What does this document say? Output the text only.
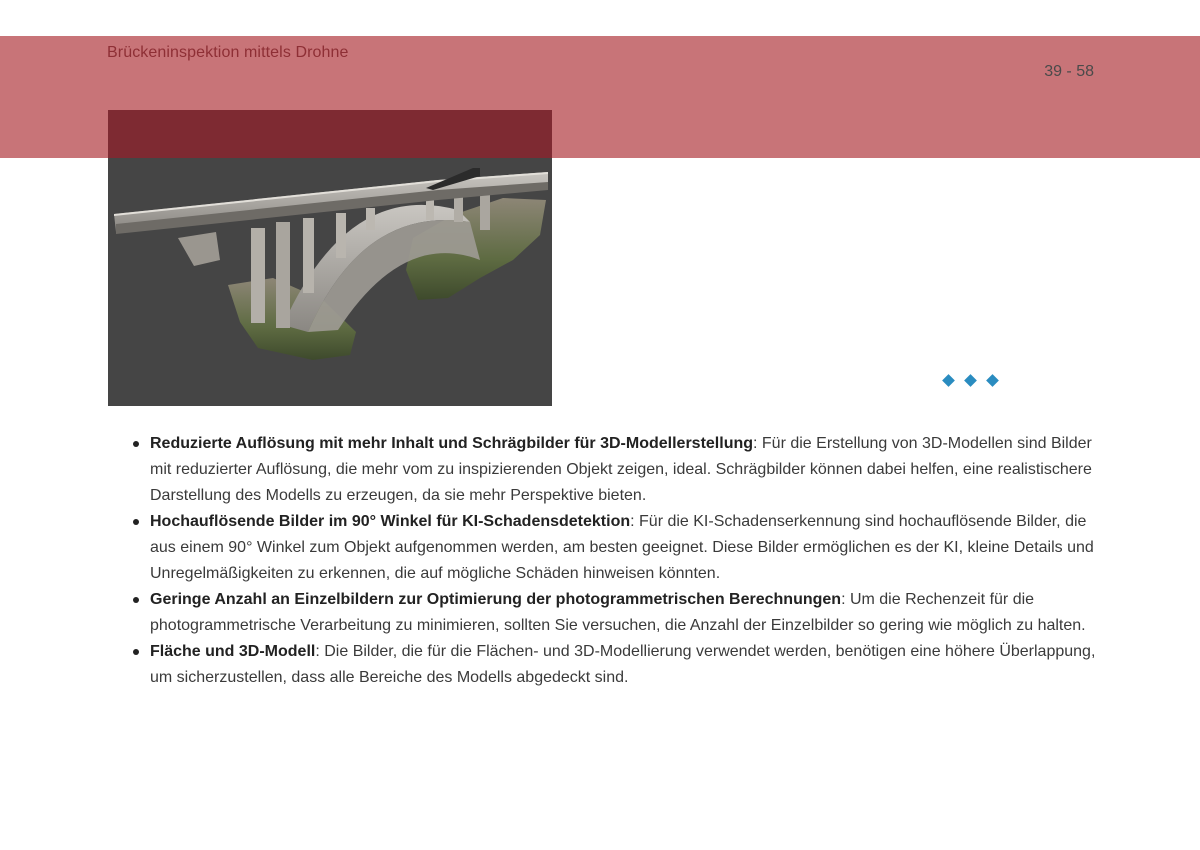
Brückeninspektion mittels Drohne
39 - 58
Reduzierte Auflösung mit mehr Inhalt und Schrägbilder für 3D-Modellerstellung: Für die Erstellung von 3D-Modellen sind Bilder mit reduzierter Auflösung, die mehr vom zu inspizierenden Objekt zeigen, ideal. Schrägbilder können dabei helfen, eine realistischere Darstellung des Modells zu erzeugen, da sie mehr Perspektive bieten.
Hochauflösende Bilder im 90° Winkel für KI-Schadensdetektion: Für die KI-Schadenserkennung sind hochauflösende Bilder, die aus einem 90° Winkel zum Objekt aufgenommen werden, am besten geeignet. Diese Bilder ermöglichen es der KI, kleine Details und Unregelmäßigkeiten zu erkennen, die auf mögliche Schäden hinweisen könnten.
Geringe Anzahl an Einzelbildern zur Optimierung der photogrammetrischen Berechnungen: Um die Rechenzeit für die photogrammetrische Verarbeitung zu minimieren, sollten Sie versuchen, die Anzahl der Einzelbilder so gering wie möglich zu halten.
Fläche und 3D-Modell: Die Bilder, die für die Flächen- und 3D-Modellierung verwendet werden, benötigen eine höhere Überlappung, um sicherzustellen, dass alle Bereiche des Modells abgedeckt sind.
